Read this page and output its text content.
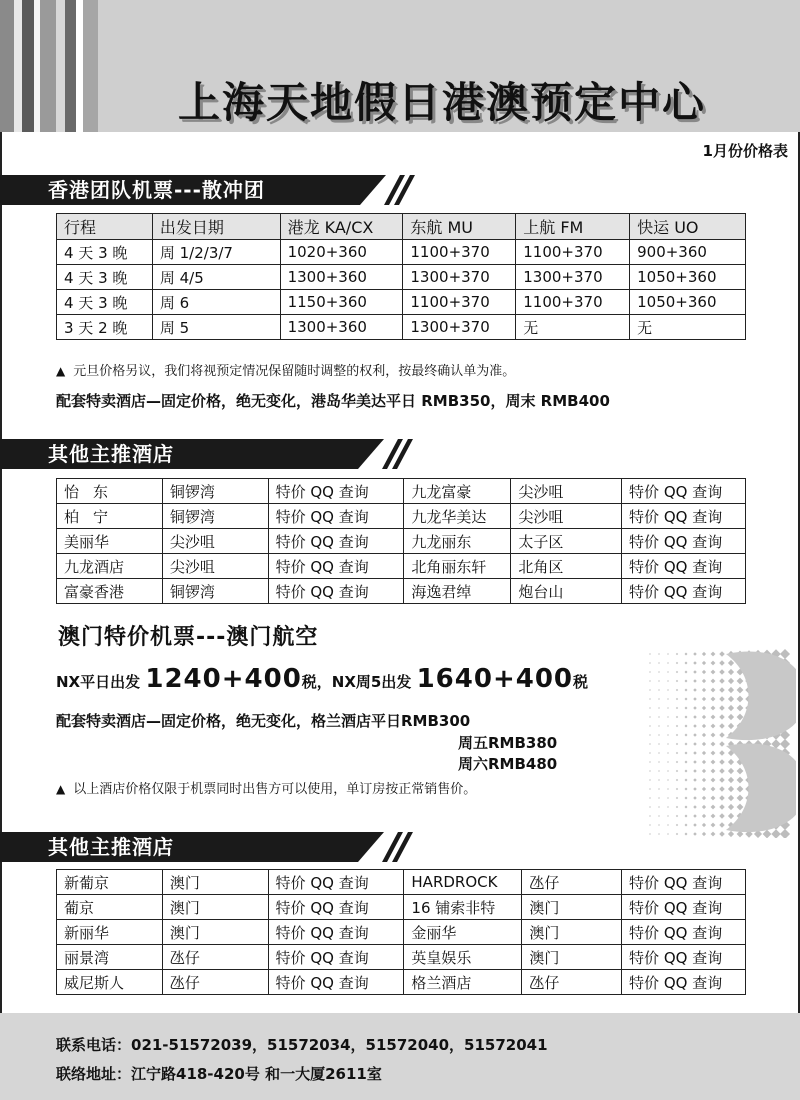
上海天地假日港澳预定中心
1月份价格表
香港团队机票---散冲团
行程	出发日期	港龙 KA/CX	东航 MU	上航 FM	快运 UO
4 天 3 晚	周 1/2/3/7	1020+360	1100+370	1100+370	900+360
4 天 3 晚	周 4/5	1300+360	1300+370	1300+370	1050+360
4 天 3 晚	周 6	1150+360	1100+370	1100+370	1050+360
3 天 2 晚	周 5	1300+360	1300+370	无	无
▲ 元旦价格另议，我们将视预定情况保留随时调整的权利，按最终确认单为准。
配套特卖酒店—固定价格，绝无变化，港岛华美达平日 RMB350，周末 RMB400
其他主推酒店
怡东	铜锣湾	特价 QQ 查询	九龙富豪	尖沙咀	特价 QQ 查询
柏宁	铜锣湾	特价 QQ 查询	九龙华美达	尖沙咀	特价 QQ 查询
美丽华	尖沙咀	特价 QQ 查询	九龙丽东	太子区	特价 QQ 查询
九龙酒店	尖沙咀	特价 QQ 查询	北角丽东轩	北角区	特价 QQ 查询
富豪香港	铜锣湾	特价 QQ 查询	海逸君绰	炮台山	特价 QQ 查询
澳门特价机票---澳门航空
NX平日出发 1240+400税，NX周5出发 1640+400税
配套特卖酒店—固定价格，绝无变化，格兰酒店平日RMB300
周五RMB380
周六RMB480
▲ 以上酒店价格仅限于机票同时出售方可以使用，单订房按正常销售价。
其他主推酒店
新葡京	澳门	特价 QQ 查询	HARDROCK	氹仔	特价 QQ 查询
葡京	澳门	特价 QQ 查询	16 铺索非特	澳门	特价 QQ 查询
新丽华	澳门	特价 QQ 查询	金丽华	澳门	特价 QQ 查询
丽景湾	氹仔	特价 QQ 查询	英皇娱乐	澳门	特价 QQ 查询
威尼斯人	氹仔	特价 QQ 查询	格兰酒店	氹仔	特价 QQ 查询
联系电话：021-51572039，51572034，51572040，51572041
联络地址：江宁路418-420号 和一大厦2611室
